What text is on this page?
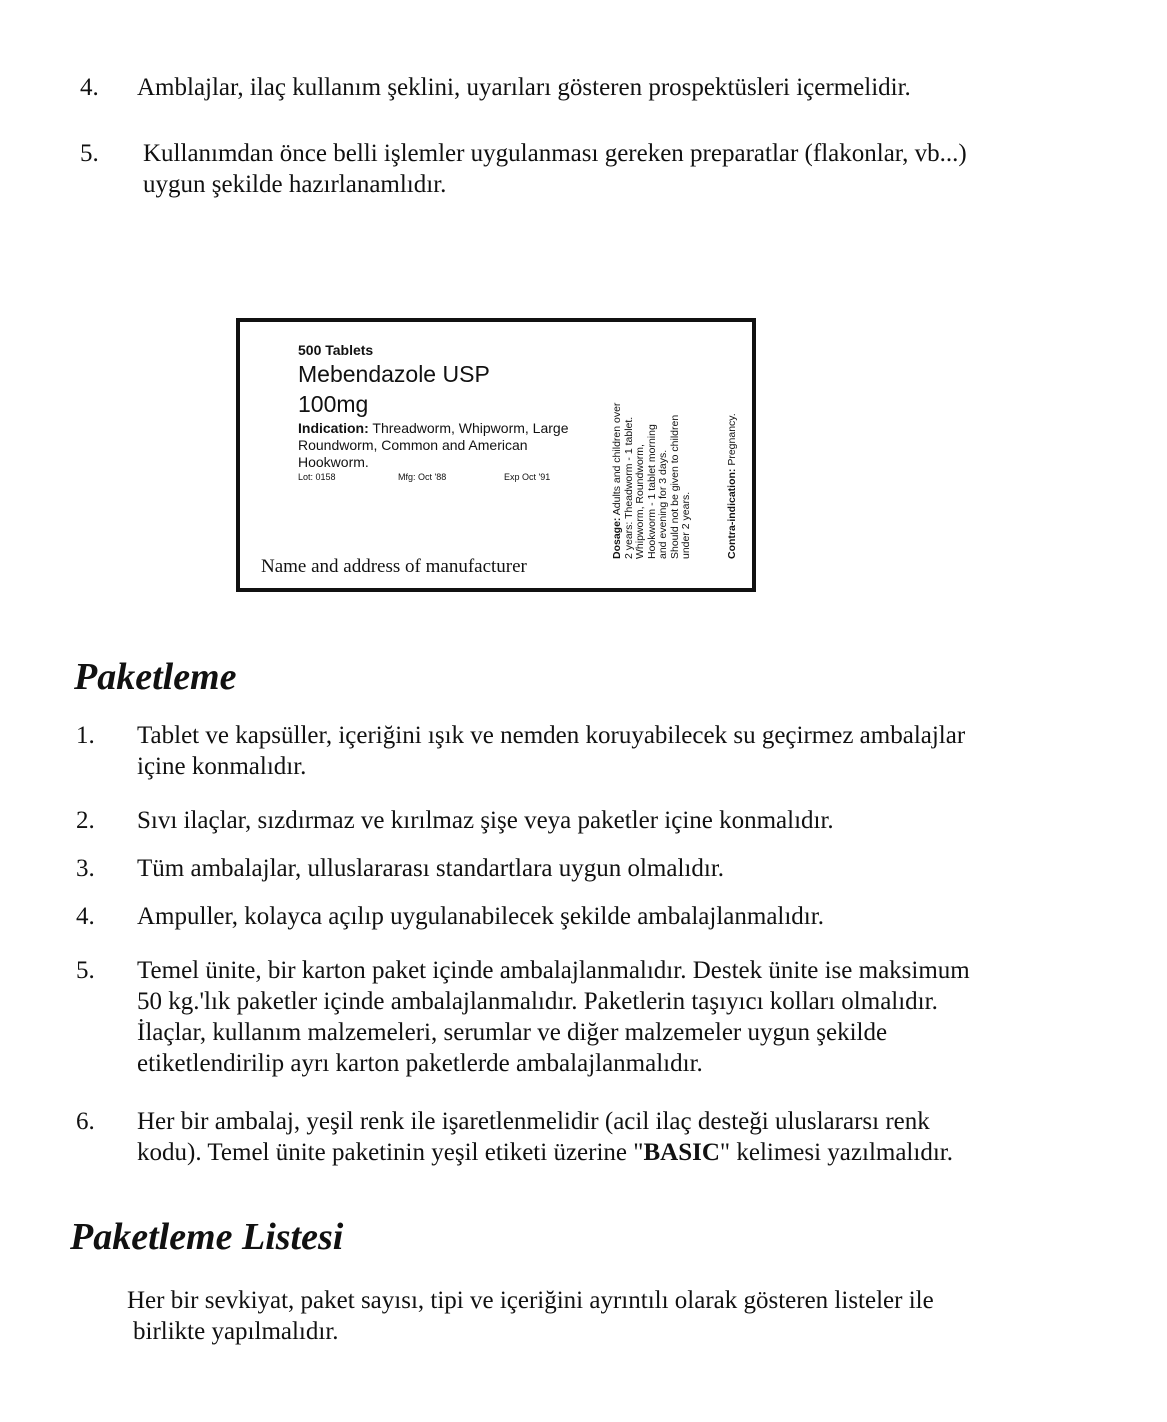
4. Amblajlar, ilaç kullanım şeklini, uyarıları gösteren prospektüsleri içermelidir.
5. Kullanımdan önce belli işlemler uygulanması gereken preparatlar (flakonlar, vb...)
uygun şekilde hazırlanamlıdır.
500 Tablets
Mebendazole USP
100mg
Indication: Threadworm, Whipworm, Large Roundworm, Common and American Hookworm.
Lot: 0158	Mfg: Oct '88	Exp Oct '91
Name and address of manufacturer
Dosage: Adults and children over 2 years: Theadworm - 1 tablet. Whipworm, Roundworm, Hookworm - 1 tablet morning and evening for 3 days. Should not be given to children under 2 years.	Contra-indication: Pregnancy.
Paketleme
1. Tablet ve kapsüller, içeriğini ışık ve nemden koruyabilecek su geçirmez ambalajlar
içine konmalıdır.
2. Sıvı ilaçlar, sızdırmaz ve kırılmaz şişe veya paketler içine konmalıdır.
3. Tüm ambalajlar, ulluslararası standartlara uygun olmalıdır.
4. Ampuller, kolayca açılıp uygulanabilecek şekilde ambalajlanmalıdır.
5. Temel ünite, bir karton paket içinde ambalajlanmalıdır. Destek ünite ise maksimum
50 kg.'lık paketler içinde ambalajlanmalıdır. Paketlerin taşıyıcı kolları olmalıdır.
İlaçlar, kullanım malzemeleri, serumlar ve diğer malzemeler uygun şekilde
etiketlendirilip ayrı karton paketlerde ambalajlanmalıdır.
6. Her bir ambalaj, yeşil renk ile işaretlenmelidir (acil ilaç desteği uluslararsı renk
kodu). Temel ünite paketinin yeşil etiketi üzerine "BASIC" kelimesi yazılmalıdır.
Paketleme Listesi
Her bir sevkiyat, paket sayısı, tipi ve içeriğini ayrıntılı olarak gösteren listeler ile
birlikte yapılmalıdır.
